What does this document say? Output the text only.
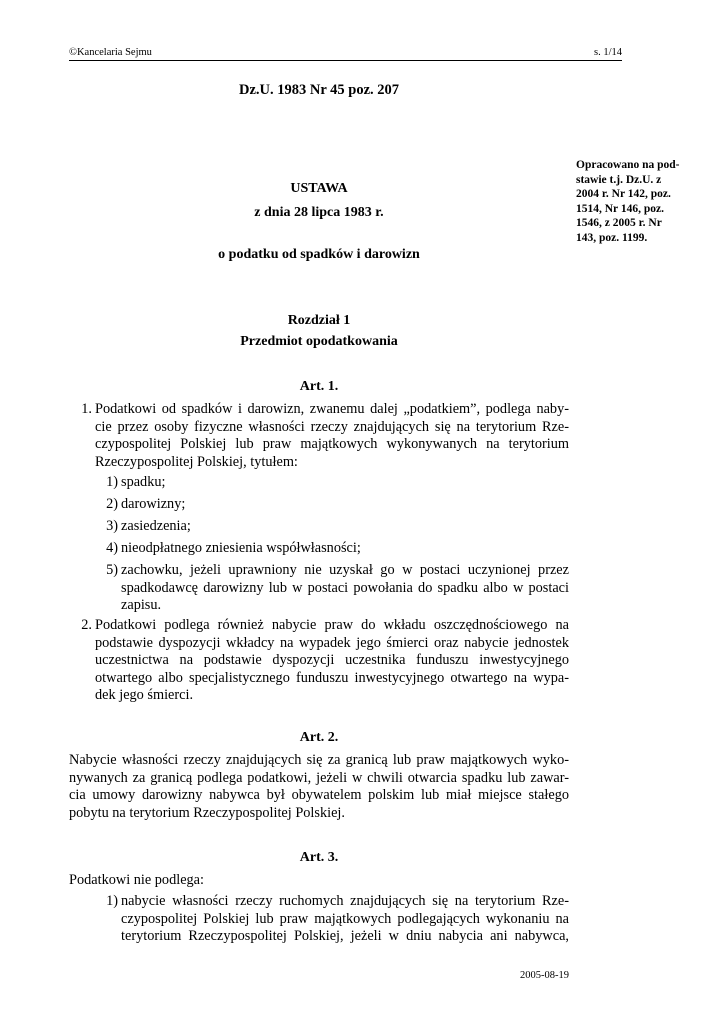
©Kancelaria Sejmu	s. 1/14
Dz.U. 1983 Nr 45 poz. 207
Opracowano na pod-
stawie t.j. Dz.U. z
2004 r. Nr 142, poz.
1514, Nr 146, poz.
1546, z 2005 r. Nr
143, poz. 1199.
USTAWA
z dnia 28 lipca 1983 r.
o podatku od spadków i darowizn
Rozdział 1
Przedmiot opodatkowania
Art. 1.
1. Podatkowi od spadków i darowizn, zwanemu dalej „podatkiem”, podlega naby-
cie przez osoby fizyczne własności rzeczy znajdujących się na terytorium Rze-
czypospolitej Polskiej lub praw majątkowych wykonywanych na terytorium
Rzeczypospolitej Polskiej, tytułem:
1) spadku;
2) darowizny;
3) zasiedzenia;
4) nieodpłatnego zniesienia współwłasności;
5) zachowku, jeżeli uprawniony nie uzyskał go w postaci uczynionej przez
spadkodawcę darowizny lub w postaci powołania do spadku albo w postaci
zapisu.
2. Podatkowi podlega również nabycie praw do wkładu oszczędnościowego na
podstawie dyspozycji wkładcy na wypadek jego śmierci oraz nabycie jednostek
uczestnictwa na podstawie dyspozycji uczestnika funduszu inwestycyjnego
otwartego albo specjalistycznego funduszu inwestycyjnego otwartego na wypa-
dek jego śmierci.
Art. 2.
Nabycie własności rzeczy znajdujących się za granicą lub praw majątkowych wyko-
nywanych za granicą podlega podatkowi, jeżeli w chwili otwarcia spadku lub zawar-
cia umowy darowizny nabywca był obywatelem polskim lub miał miejsce stałego
pobytu na terytorium Rzeczypospolitej Polskiej.
Art. 3.
Podatkowi nie podlega:
1) nabycie własności rzeczy ruchomych znajdujących się na terytorium Rze-
czypospolitej Polskiej lub praw majątkowych podlegających wykonaniu na
terytorium Rzeczypospolitej Polskiej, jeżeli w dniu nabycia ani nabywca,
2005-08-19
